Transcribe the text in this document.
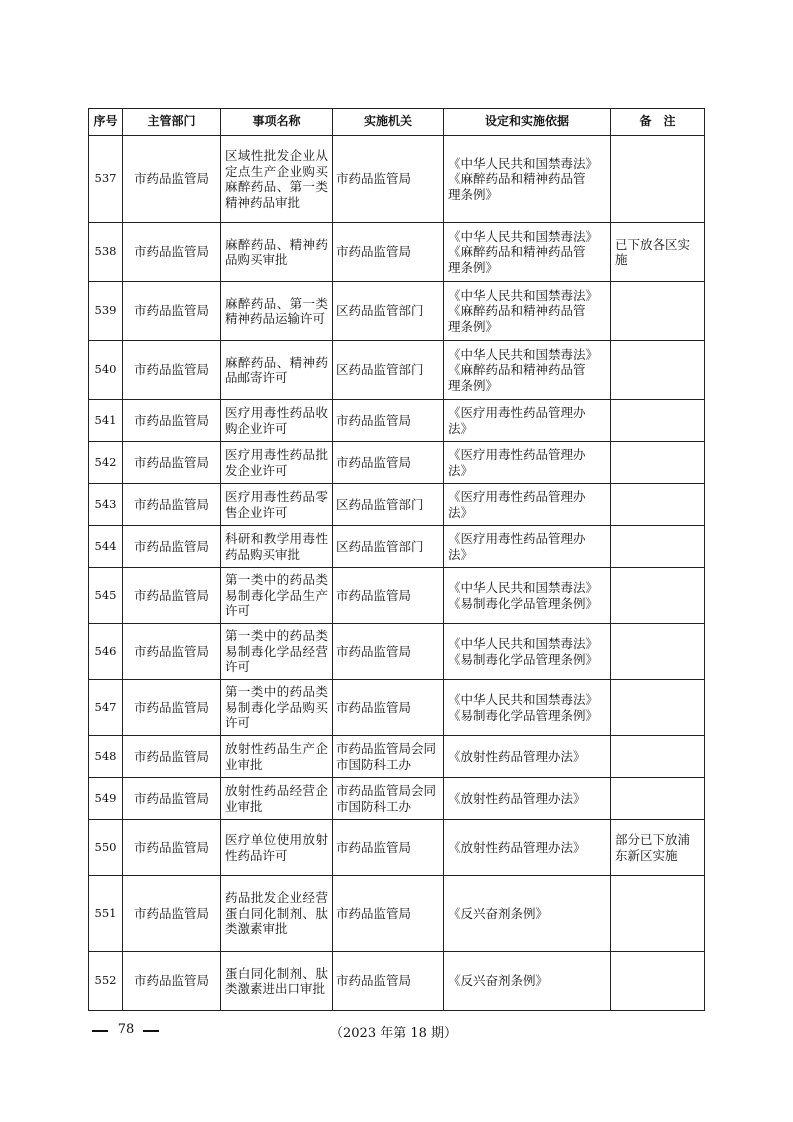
序号	主管部门	事项名称	实施机关	设定和实施依据	备　注
537	市药品监管局	区域性批发企业从定点生产企业购买麻醉药品、第一类精神药品审批	市药品监管局	《中华人民共和国禁毒法》
《麻醉药品和精神药品管
理条例》	

538	市药品监管局	麻醉药品、精神药品购买审批	市药品监管局	《中华人民共和国禁毒法》
《麻醉药品和精神药品管
理条例》	已下放各区实施
539	市药品监管局	麻醉药品、第一类精神药品运输许可	区药品监管部门	《中华人民共和国禁毒法》
《麻醉药品和精神药品管
理条例》	

540	市药品监管局	麻醉药品、精神药品邮寄许可	区药品监管部门	《中华人民共和国禁毒法》
《麻醉药品和精神药品管
理条例》	

541	市药品监管局	医疗用毒性药品收购企业许可	市药品监管局	《医疗用毒性药品管理办
法》	

542	市药品监管局	医疗用毒性药品批发企业许可	市药品监管局	《医疗用毒性药品管理办
法》	

543	市药品监管局	医疗用毒性药品零售企业许可	区药品监管部门	《医疗用毒性药品管理办
法》	

544	市药品监管局	科研和教学用毒性药品购买审批	区药品监管部门	《医疗用毒性药品管理办
法》	

545	市药品监管局	第一类中的药品类易制毒化学品生产许可	市药品监管局	《中华人民共和国禁毒法》
《易制毒化学品管理条例》	

546	市药品监管局	第一类中的药品类易制毒化学品经营许可	市药品监管局	《中华人民共和国禁毒法》
《易制毒化学品管理条例》	

547	市药品监管局	第一类中的药品类易制毒化学品购买许可	市药品监管局	《中华人民共和国禁毒法》
《易制毒化学品管理条例》	

548	市药品监管局	放射性药品生产企业审批	市药品监管局会同市国防科工办	《放射性药品管理办法》	

549	市药品监管局	放射性药品经营企业审批	市药品监管局会同市国防科工办	《放射性药品管理办法》	

550	市药品监管局	医疗单位使用放射性药品许可	市药品监管局	《放射性药品管理办法》	部分已下放浦东新区实施
551	市药品监管局	药品批发企业经营蛋白同化制剂、肽类激素审批	市药品监管局	《反兴奋剂条例》	

552	市药品监管局	蛋白同化制剂、肽类激素进出口审批	市药品监管局	《反兴奋剂条例》	

78	（2023 年第 18 期）
